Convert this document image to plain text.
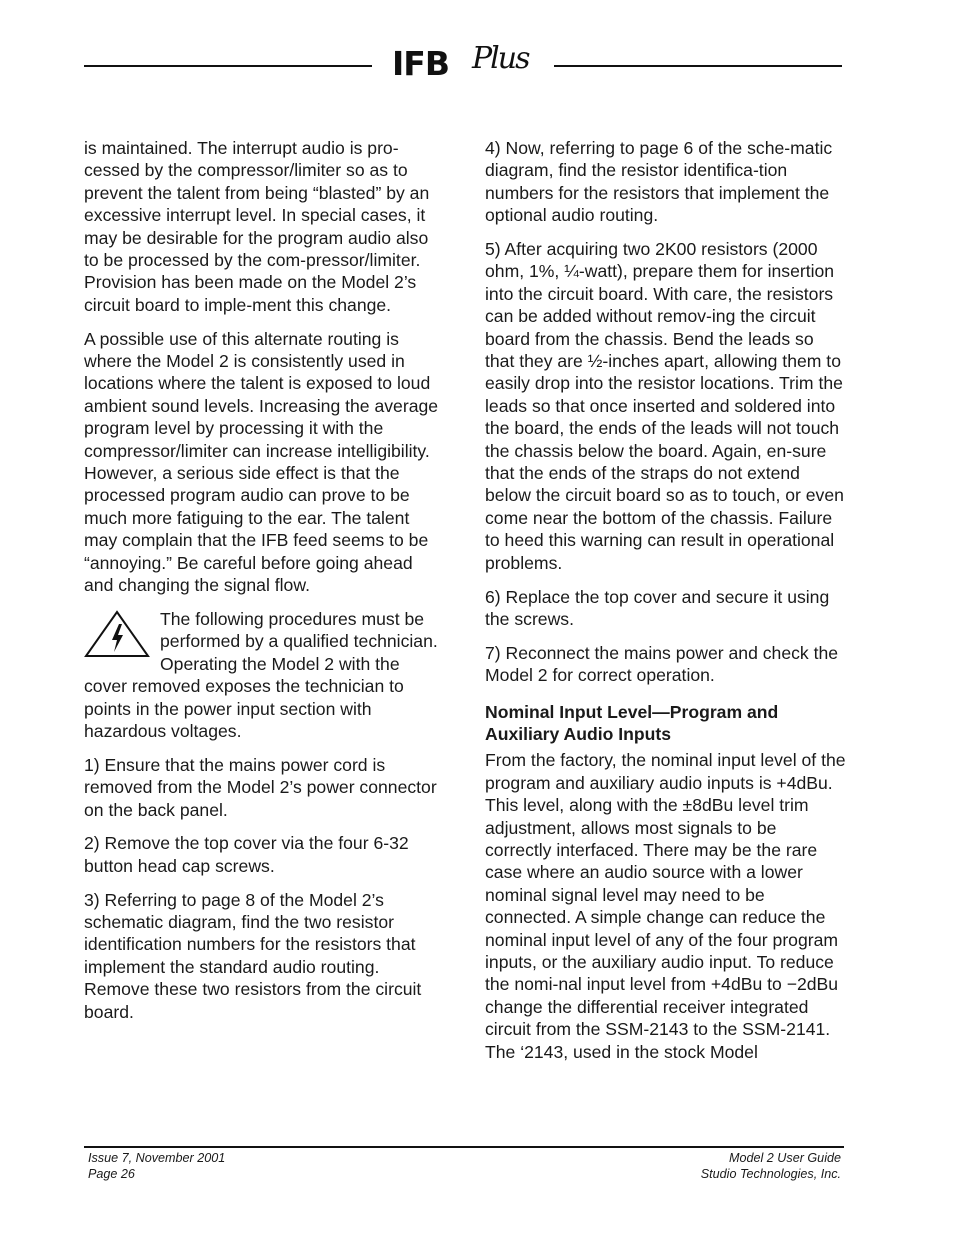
IFB Plus

is maintained. The interrupt audio is pro-cessed by the compressor/limiter so as to prevent the talent from being “blasted” by an excessive interrupt level. In special cases, it may be desirable for the program audio also to be processed by the com-pressor/limiter. Provision has been made on the Model 2’s circuit board to imple-ment this change.

A possible use of this alternate routing is where the Model 2 is consistently used in locations where the talent is exposed to loud ambient sound levels. Increasing the average program level by processing it with the compressor/limiter can increase intelligibility. However, a serious side effect is that the processed program audio can prove to be much more fatiguing to the ear. The talent may complain that the IFB feed seems to be “annoying.” Be careful before going ahead and changing the signal flow.

The following procedures must be performed by a qualified technician. Operating the Model 2 with the cover removed exposes the technician to points in the power input section with hazardous voltages.

1) Ensure that the mains power cord is removed from the Model 2’s power connector on the back panel.

2) Remove the top cover via the four 6-32 button head cap screws.

3) Referring to page 8 of the Model 2’s schematic diagram, find the two resistor identification numbers for the resistors that implement the standard audio routing. Remove these two resistors from the circuit board.

4) Now, referring to page 6 of the sche-matic diagram, find the resistor identifica-tion numbers for the resistors that implement the optional audio routing.

5) After acquiring two 2K00 resistors (2000 ohm, 1%, ¼-watt), prepare them for insertion into the circuit board. With care, the resistors can be added without remov-ing the circuit board from the chassis. Bend the leads so that they are ½-inches apart, allowing them to easily drop into the resistor locations. Trim the leads so that once inserted and soldered into the board, the ends of the leads will not touch the chassis below the board. Again, en-sure that the ends of the straps do not extend below the circuit board so as to touch, or even come near the bottom of the chassis. Failure to heed this warning can result in operational problems.

6) Replace the top cover and secure it using the screws.

7) Reconnect the mains power and check the Model 2 for correct operation.

Nominal Input Level—Program and Auxiliary Audio Inputs

From the factory, the nominal input level of the program and auxiliary audio inputs is +4dBu. This level, along with the ±8dBu level trim adjustment, allows most signals to be correctly interfaced. There may be the rare case where an audio source with a lower nominal signal level may need to be connected. A simple change can reduce the nominal input level of any of the four program inputs, or the auxiliary audio input. To reduce the nomi-nal input level from +4dBu to −2dBu change the differential receiver integrated circuit from the SSM-2143 to the SSM-2141. The ‘2143, used in the stock Model

Issue 7, November 2001
Page 26
Model 2 User Guide
Studio Technologies, Inc.
